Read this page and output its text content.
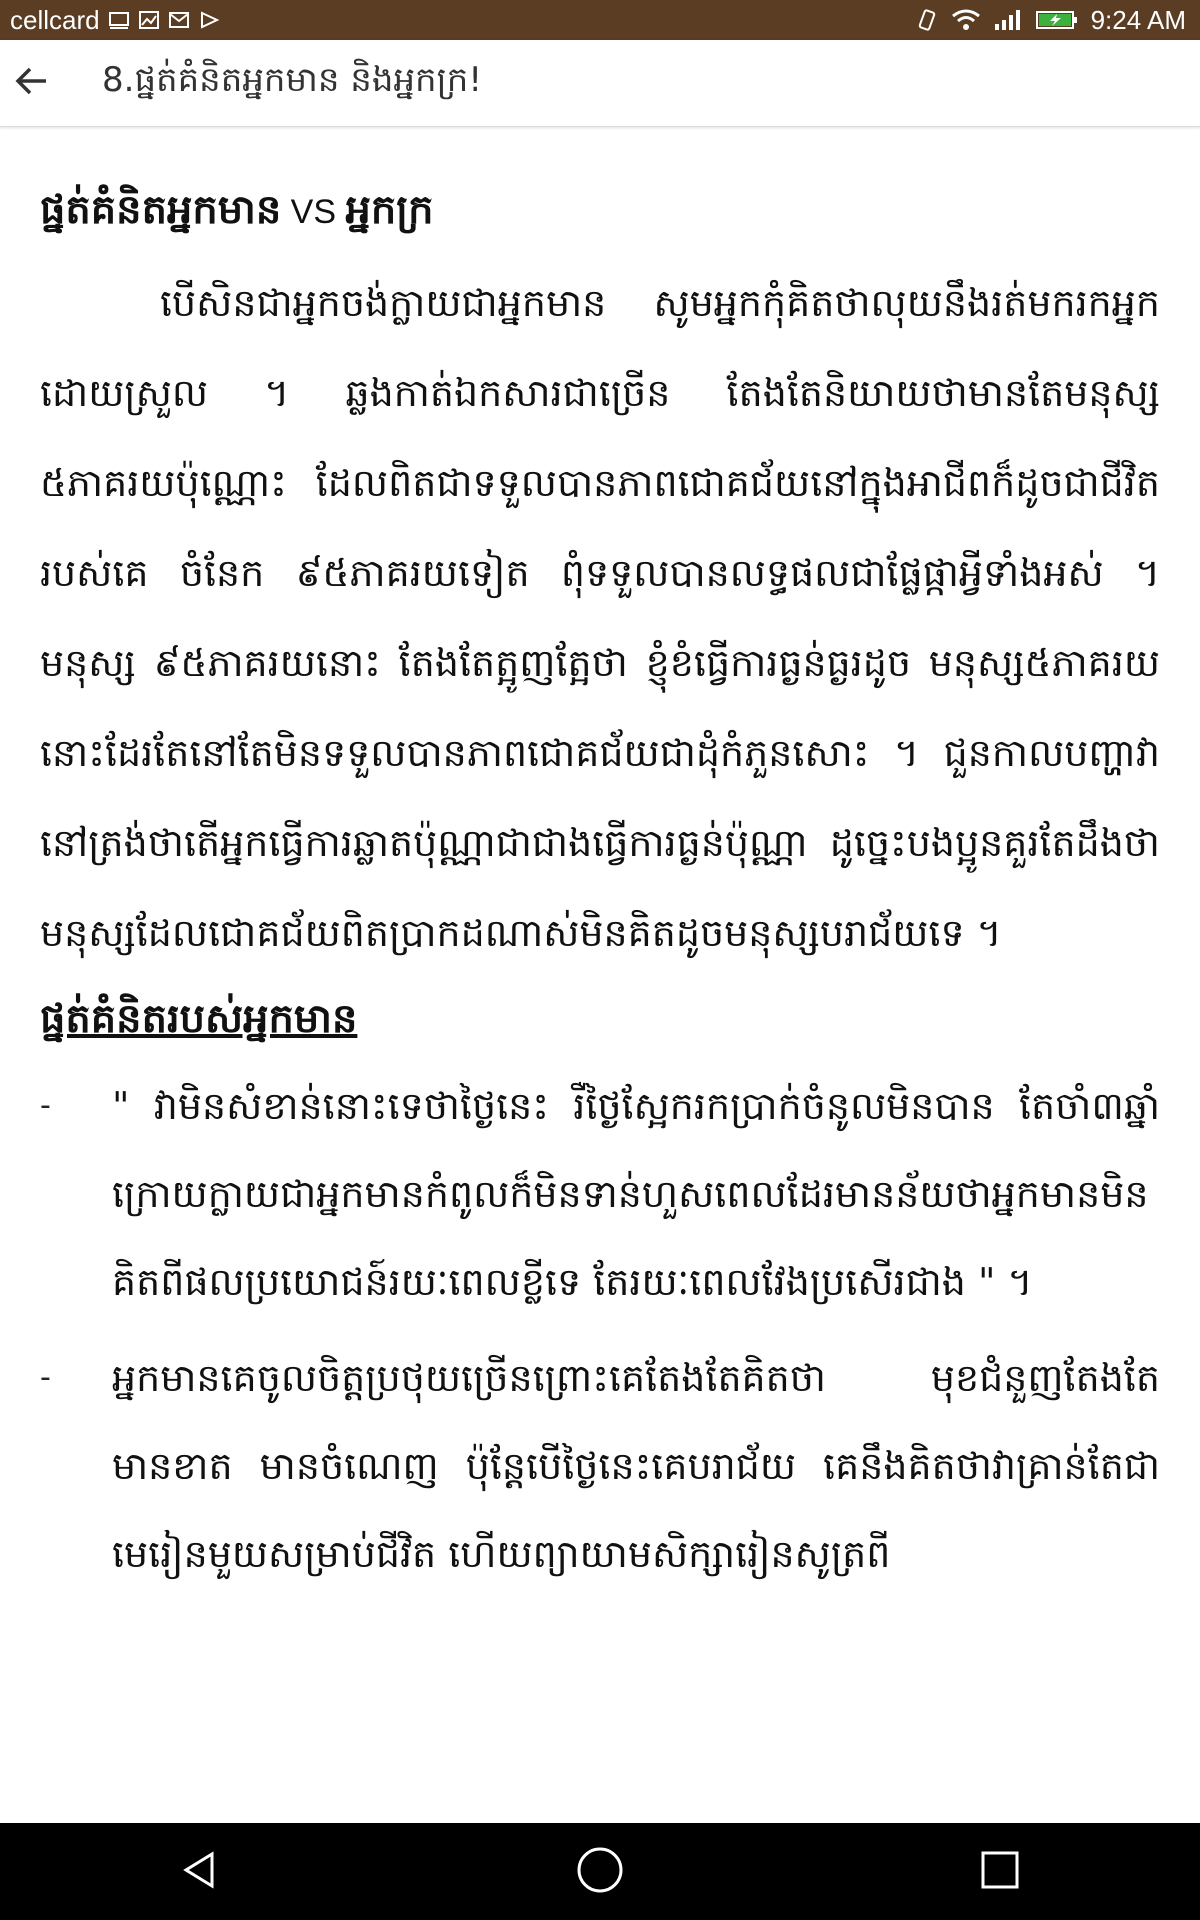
cellcard	9:24 AM
8.ផ្នត់គំនិតអ្នកមាន និងអ្នកក្រ!
ផ្នត់គំនិតអ្នកមាន VS អ្នកក្រ

បើសិនជាអ្នកចង់ក្លាយជាអ្នកមាន សូមអ្នកកុំគិតថាលុយនឹងរត់មករកអ្នកដោយស្រួល ។ ឆ្លងកាត់ឯកសារជាច្រើន តែងតែនិយាយថាមានតែមនុស្ស ៥ភាគរយប៉ុណ្ណោះ ដែលពិតជាទទួលបានភាពជោគជ័យនៅក្នុងអាជីពក៏ដូចជាជីវិតរបស់គេ ចំនែក ៩៥ភាគរយទៀត ពុំទទួលបានលទ្ធផលជាផ្លែផ្កាអ្វីទាំងអស់ ។ មនុស្ស ៩៥ភាគរយនោះ តែងតែត្អូញត្អែថា ខ្ញុំខំធ្វើការធ្ងន់ធ្ងរដូច មនុស្ស៥ភាគរយ នោះដែរតែនៅតែមិនទទួលបានភាពជោគជ័យជាដុំកំភួនសោះ ។ ជួនកាលបញ្ហាវានៅត្រង់ថាតើអ្នកធ្វើការឆ្លាតប៉ុណ្ណាជាជាងធ្វើការធ្ងន់ប៉ុណ្ណា ដូច្នេះបងប្អូនគួរតែដឹងថា មនុស្សដែលជោគជ័យពិតប្រាកដណាស់មិនគិតដូចមនុស្សបរាជ័យទេ ។

ផ្នត់គំនិតរបស់អ្នកមាន
-	" វាមិនសំខាន់នោះទេថាថ្ងៃនេះ រឺថ្ងៃស្អែករកប្រាក់ចំនូលមិនបាន តែចាំ៣ឆ្នាំក្រោយក្លាយជាអ្នកមានកំពូលក៏មិនទាន់ហួសពេលដែរមានន័យថាអ្នកមានមិនគិតពីផលប្រយោជន៍រយៈពេលខ្លីទេ តែរយៈពេលវែងប្រសើរជាង " ។
-	អ្នកមានគេចូលចិត្តប្រថុយច្រើនព្រោះគេតែងតែគិតថា មុខជំនួញតែងតែមានខាត មានចំណេញ ប៉ុន្តែបើថ្ងៃនេះគេបរាជ័យ គេនឹងគិតថាវាគ្រាន់តែជាមេរៀនមួយសម្រាប់ជីវិត ហើយព្យាយាមសិក្សារៀនសូត្រពី
